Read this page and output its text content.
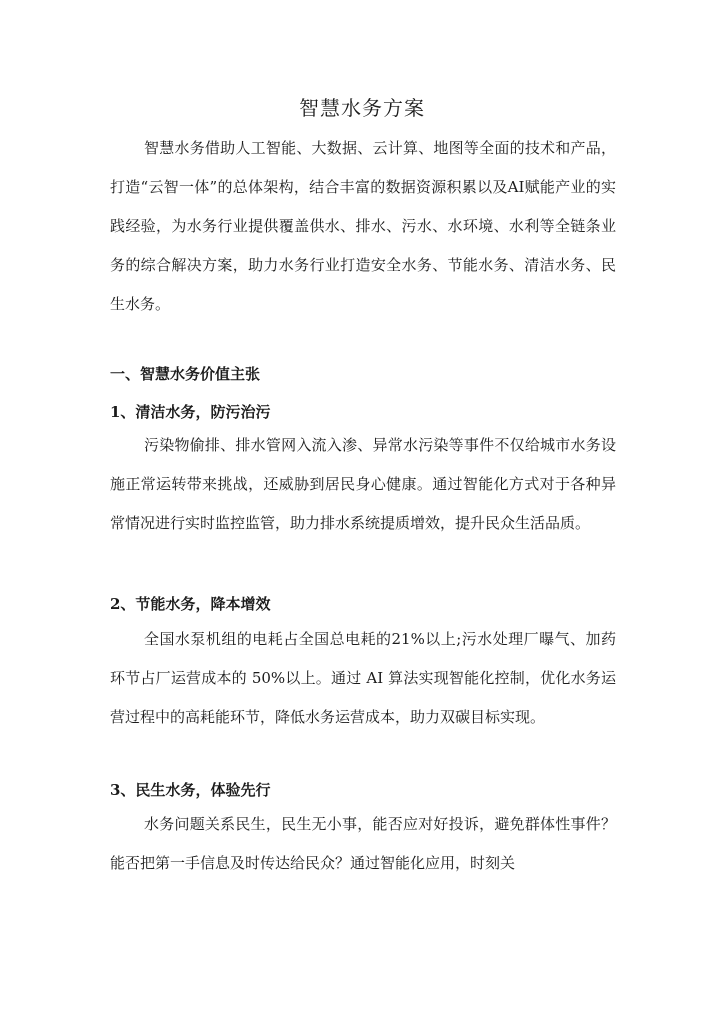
智慧水务方案

智慧水务借助人工智能、大数据、云计算、地图等全面的技术和产品，打造“云智一体”的总体架构，结合丰富的数据资源积累以及AI赋能产业的实践经验，为水务行业提供覆盖供水、排水、污水、水环境、水利等全链条业务的综合解决方案，助力水务行业打造安全水务、节能水务、清洁水务、民生水务。

一、智慧水务价值主张
1、清洁水务，防污治污

污染物偷排、排水管网入流入渗、异常水污染等事件不仅给城市水务设施正常运转带来挑战，还威胁到居民身心健康。通过智能化方式对于各种异常情况进行实时监控监管，助力排水系统提质增效，提升民众生活品质。

2、节能水务，降本增效

全国水泵机组的电耗占全国总电耗的21%以上;污水处理厂曝气、加药环节占厂运营成本的 50%以上。通过 AI 算法实现智能化控制，优化水务运营过程中的高耗能环节，降低水务运营成本，助力双碳目标实现。

3、民生水务，体验先行

水务问题关系民生，民生无小事，能否应对好投诉，避免群体性事件？能否把第一手信息及时传达给民众？通过智能化应用，时刻关
